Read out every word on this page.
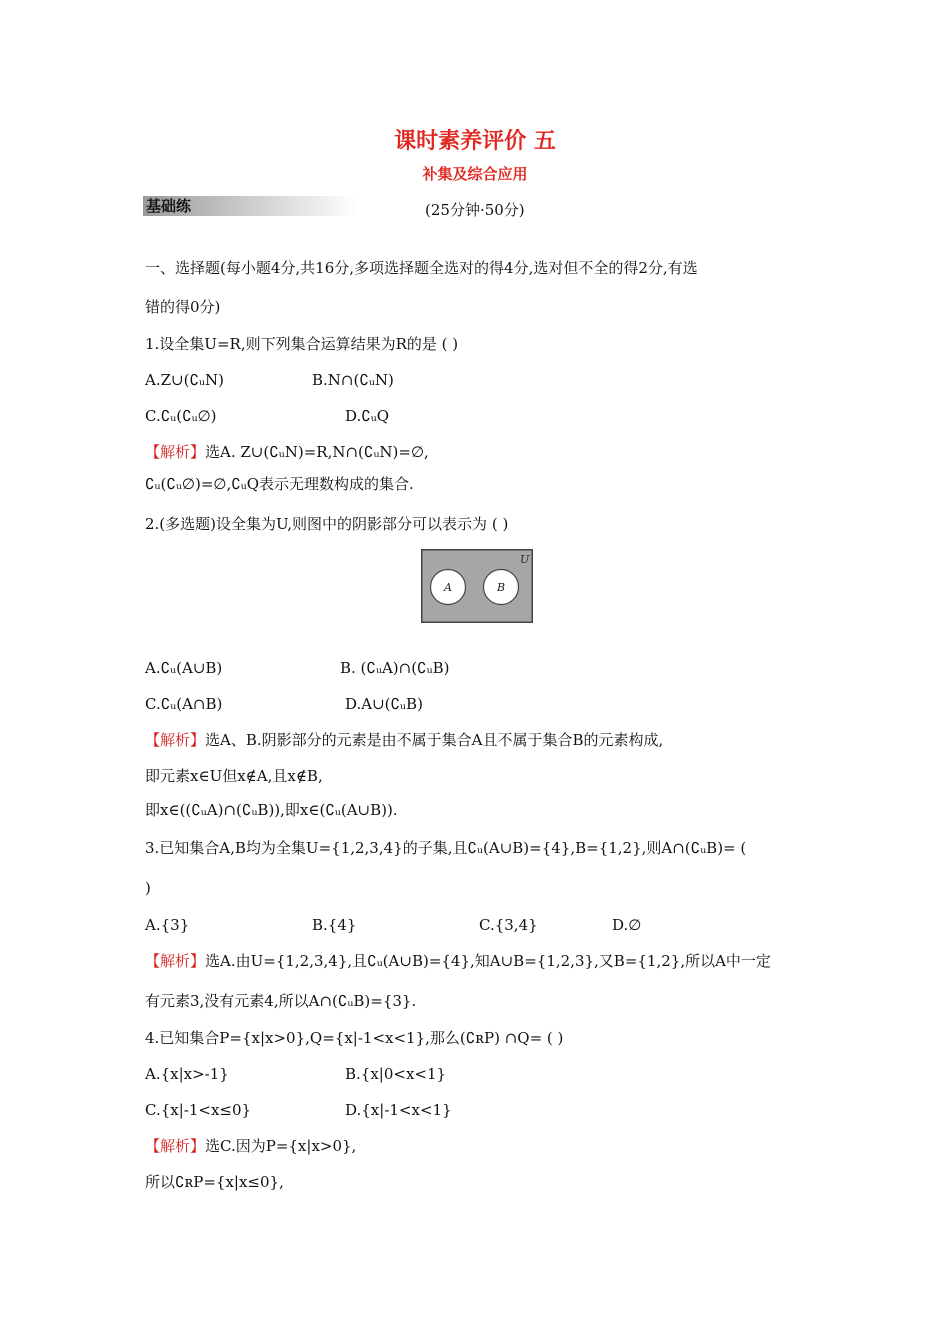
课时素养评价 五
补集及综合应用
基础练	(25分钟·50分)
一、选择题(每小题4分,共16分,多项选择题全选对的得4分,选对但不全的得2分,有选
错的得0分)
1.设全集U=R,则下列集合运算结果为R的是 ( )
A.Z∪(∁ᵤN)	B.N∩(∁ᵤN)
C.∁ᵤ(∁ᵤ∅)	D.∁ᵤQ
【解析】选A. Z∪(∁ᵤN)=R,N∩(∁ᵤN)=∅,
∁ᵤ(∁ᵤ∅)=∅,∁ᵤQ表示无理数构成的集合.
2.(多选题)设全集为U,则图中的阴影部分可以表示为 ( )
U
A	B
A.∁ᵤ(A∪B)	B. (∁ᵤA)∩(∁ᵤB)
C.∁ᵤ(A∩B)	D.A∪(∁ᵤB)
【解析】选A、B.阴影部分的元素是由不属于集合A且不属于集合B的元素构成,
即元素x∈U但x∉A,且x∉B,
即x∈((∁ᵤA)∩(∁ᵤB)),即x∈(∁ᵤ(A∪B)).
3.已知集合A,B均为全集U={1,2,3,4}的子集,且∁ᵤ(A∪B)={4},B={1,2},则A∩(∁ᵤB)= (
)
A.{3}	B.{4}	C.{3,4}	D.∅
【解析】选A.由U={1,2,3,4},且∁ᵤ(A∪B)={4},知A∪B={1,2,3},又B={1,2},所以A中一定
有元素3,没有元素4,所以A∩(∁ᵤB)={3}.
4.已知集合P={x|x>0},Q={x|-1<x<1},那么(∁ʀP) ∩Q= ( )
A.{x|x>-1}	B.{x|0<x<1}
C.{x|-1<x≤0}	D.{x|-1<x<1}
【解析】选C.因为P={x|x>0},
所以∁ʀP={x|x≤0},
